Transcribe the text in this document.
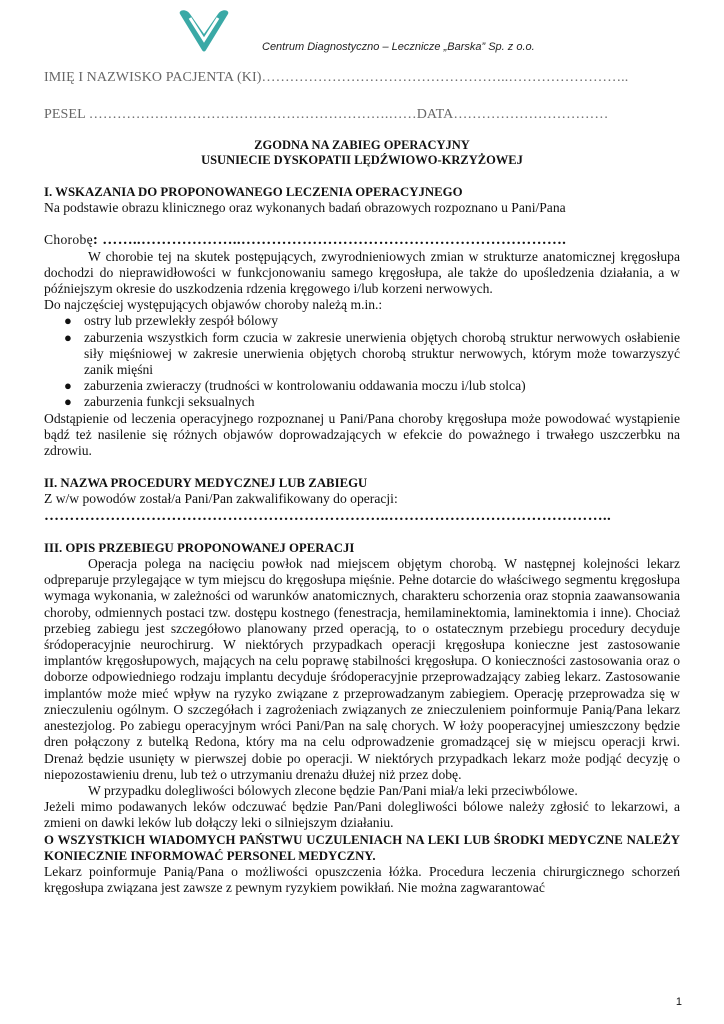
Centrum Diagnostyczno – Lecznicze „Barska” Sp. z o.o.
IMIĘ I NAZWISKO PACJENTA (KI)……………………………………………..……………………..
PESEL ……………………………………………………….……DATA……………………………
ZGODNA NA ZABIEG OPERACYJNY
USUNIECIE DYSKOPATII LĘDŹWIOWO-KRZYŻOWEJ

I. WSKAZANIA DO PROPONOWANEGO LECZENIA OPERACYJNEGO

Na podstawie obrazu klinicznego oraz wykonanych badań obrazowych rozpoznano u Pani/Pana

Chorobę: ……..………………..……………………………………………………….

W chorobie tej na skutek postępujących, zwyrodnieniowych zmian w strukturze anatomicznej kręgosłupa dochodzi do nieprawidłowości w funkcjonowaniu samego kręgosłupa, ale także do upośledzenia działania, a w późniejszym okresie do uszkodzenia rdzenia kręgowego i/lub korzeni nerwowych.

Do najczęściej występujących objawów choroby należą m.in.:

● ostry lub przewlekły zespół bólowy
● zaburzenia wszystkich form czucia w zakresie unerwienia objętych chorobą struktur nerwowych osłabienie siły mięśniowej w zakresie unerwienia objętych chorobą struktur nerwowych, którym może towarzyszyć zanik mięśni
● zaburzenia zwieraczy (trudności w kontrolowaniu oddawania moczu i/lub stolca)
● zaburzenia funkcji seksualnych

Odstąpienie od leczenia operacyjnego rozpoznanej u Pani/Pana choroby kręgosłupa może powodować wystąpienie bądź też nasilenie się różnych objawów doprowadzających w efekcie do poważnego i trwałego uszczerbku na zdrowiu.

II. NAZWA PROCEDURY MEDYCZNEJ LUB ZABIEGU

Z w/w powodów został/a Pani/Pan zakwalifikowany do operacji:

…………………………………………………………..……………………………………..

III. OPIS PRZEBIEGU PROPONOWANEJ OPERACJI

Operacja polega na nacięciu powłok nad miejscem objętym chorobą. W następnej kolejności lekarz odpreparuje przylegające w tym miejscu do kręgosłupa mięśnie. Pełne dotarcie do właściwego segmentu kręgosłupa wymaga wykonania, w zależności od warunków anatomicznych, charakteru schorzenia oraz stopnia zaawansowania choroby, odmiennych postaci tzw. dostępu kostnego (fenestracja, hemilaminektomia, laminektomia i inne). Chociaż przebieg zabiegu jest szczegółowo planowany przed operacją, to o ostatecznym przebiegu procedury decyduje śródoperacyjnie neurochirurg. W niektórych przypadkach operacji kręgosłupa konieczne jest zastosowanie implantów kręgosłupowych, mających na celu poprawę stabilności kręgosłupa. O konieczności zastosowania oraz o doborze odpowiedniego rodzaju implantu decyduje śródoperacyjnie przeprowadzający zabieg lekarz. Zastosowanie implantów może mieć wpływ na ryzyko związane z przeprowadzanym zabiegiem. Operację przeprowadza się w znieczuleniu ogólnym. O szczegółach i zagrożeniach związanych ze znieczuleniem poinformuje Panią/Pana lekarz anestezjolog. Po zabiegu operacyjnym wróci Pani/Pan na salę chorych. W łoży pooperacyjnej umieszczony będzie dren połączony z butelką Redona, który ma na celu odprowadzenie gromadzącej się w miejscu operacji krwi. Drenaż będzie usunięty w pierwszej dobie po operacji. W niektórych przypadkach lekarz może podjąć decyzję o niepozostawieniu drenu, lub też o utrzymaniu drenażu dłużej niż przez dobę.

W przypadku dolegliwości bólowych zlecone będzie Pan/Pani miał/a leki przeciwbólowe.

Jeżeli mimo podawanych leków odczuwać będzie Pan/Pani dolegliwości bólowe należy zgłosić to lekarzowi, a zmieni on dawki leków lub dołączy leki o silniejszym działaniu.

O WSZYSTKICH WIADOMYCH PAŃSTWU UCZULENIACH NA LEKI LUB ŚRODKI MEDYCZNE NALEŻY KONIECZNIE INFORMOWAĆ PERSONEL MEDYCZNY.

Lekarz poinformuje Panią/Pana o możliwości opuszczenia łóżka. Procedura leczenia chirurgicznego schorzeń kręgosłupa związana jest zawsze z pewnym ryzykiem powikłań. Nie można zagwarantować

1
